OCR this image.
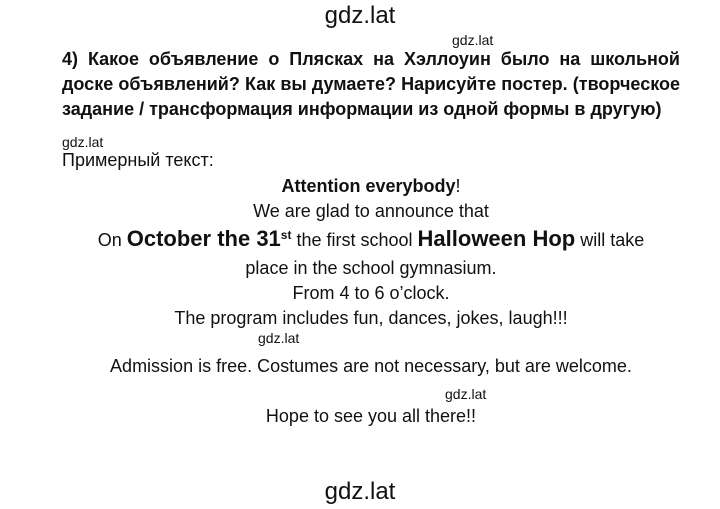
gdz.lat
gdz.lat
4) Какое объявление о Плясках на Хэллоуин было на школьной доске объявлений? Как вы думаете? Нарисуйте постер. (творческое задание / трансформация информации из одной формы в другую)
gdz.lat
Примерный текст:
Attention everybody!
We are glad to announce that
On October the 31st the first school Halloween Hop will take
place in the school gymnasium.
From 4 to 6 o’clock.
The program includes fun, dances, jokes, laugh!!!
gdz.lat
Admission is free. Costumes are not necessary, but are welcome.
gdz.lat
Hope to see you all there!!
gdz.lat
